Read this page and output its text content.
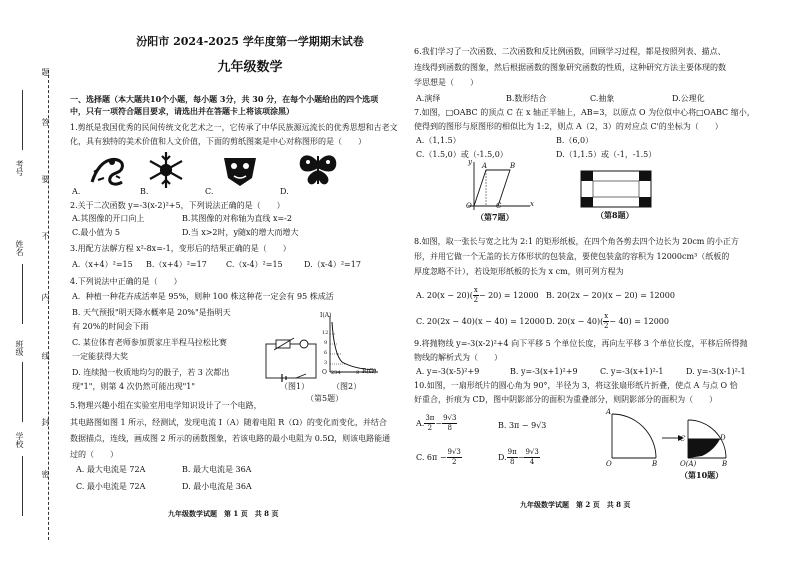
题
答
要
不
内
线
封
密
考号
姓名
班级
学校
汾阳市 2024-2025 学年度第一学期期末试卷
九年级数学
一、选择题（本大题共10个小题，每小题 3分，共 30 分，在每个小题给出的四个选项
中，只有一项符合题目要求，请选出并在答题卡上将该项涂黑）
1.剪纸是我国优秀的民间传统文化艺术之一，它传承了中华民族源远流长的优秀思想和古老文
化，具有独特的美术价值和人文价值，下面的剪纸图案是中心对称图形的是（　　）
A.	B.	C.	D.
2.关于二次函数 y=-3(x-2)²+5，下列说法正确的是（　　）
A.其图像的开口向上	B.其图像的对称轴为直线 x=-2
C.最小值为 5	D.当 x>2时，y随x的增大而增大
3.用配方法解方程 x²-8x=-1，变形后的结果正确的是（　　）
A.（x+4）²=15 B.（x+4）²=17 C.（x-4）²=15	D.（x-4）²=17
4.下列说法中正确的是（　　）
A．种植一种花卉成活率是 95%，则种 100 株这种花一定会有 95 株成活
B. 天气预报"明天降水概率是 20%"是指明天
有 20%的时间会下雨
C. 某位体育老师参加贾家庄半程马拉松比赛
一定能获得大奖
D. 连续抛一枚质地均匀的骰子，若 3 次都出
现"1"，则第 4 次仍然可能出现"1"	（图1）
I(A)
12
9
6
3
O 234	9 R(Ω)
（图2）
（第5题）
5.物理兴趣小组在实验室用电学知识设计了一个电路，
其电路图如图 1 所示，经测试，发现电流 I（A）随着电阻 R（Ω）的变化而变化，并结合
数据描点，连线，画成图 2 所示的函数图象，若该电路的最小电阻为 0.5Ω，则该电路能通
过的（　　）
A. 最大电流是 72A	B. 最大电流是 36A
C. 最小电流是 72A	D. 最小电流是 36A
九年级数学试题　第 1 页　共 8 页
6.我们学习了一次函数、二次函数和反比例函数，回顾学习过程，都是按照列表、描点、
连线得到函数的图象，然后根据函数的图象研究函数的性质，这种研究方法主要体现的数
学思想是（　　）
A.演绎	B.数形结合	C.抽象	D.公理化
7.如图，□OABC 的顶点 C 在 x 轴正半轴上，AB=3，以原点 O 为位似中心将□OABC 缩小，
使得到的图形与原图形的相似比为 1:2，则点 A（2，3）的对应点 C'的坐标为（　　）
A.（1,1.5）	B.（6,0）
C.（1.5,0）或（-1.5,0）	D.（1,1.5）或（-1，-1.5）
y A	B
O	C	x
（第7题）	（第8题）
8.如图，取一张长与宽之比为 2:1 的矩形纸板，在四个角各剪去四个边长为 20cm 的小正方
形，并用它做一个无盖的长方体形状的包装盒，要使包装盒的容积为 12000cm³（纸板的
厚度忽略不计），若设矩形纸板的长为 x cm，则可列方程为
A. $20(x - 20)( \frac{x}{2} - 20) = 12000$ B. 20(2x − 20)(x − 20) = 12000
C. 20(2x − 40)(x − 40) = 12000 D. $20(x - 40)( \frac{x}{2} - 40) = 12000$
9.将抛物线 y=-3(x-2)²+4 向下平移 5 个单位长度，再向左平移 3 个单位长度，平移后所得抛
物线的解析式为（　　）
A. y=-3(x-5)²+9	B. y=-3(x+1)²+9	C. y=-3(x+1)²-1	D. y=-3(x-1)²-1
10.如图，一扇形纸片的圆心角为 90°，半径为 3，将这张扇形纸片折叠，使点 A 与点 O 恰
好重合，折痕为 CD，图中阴影部分的面积为重叠部分，则阴影部分的面积为（　　）
A. $\frac{3\pi}{2} - \frac{9√3}{8}$	B. 3π − 9√3
C. $6\pi - \frac{9√3}{2}$	D. $\frac{9\pi}{8} - \frac{9√3}{4}$
A
O	B
C	D
O(A)	B
（第10题）
九年级数学试题　第 2 页　共 8 页
